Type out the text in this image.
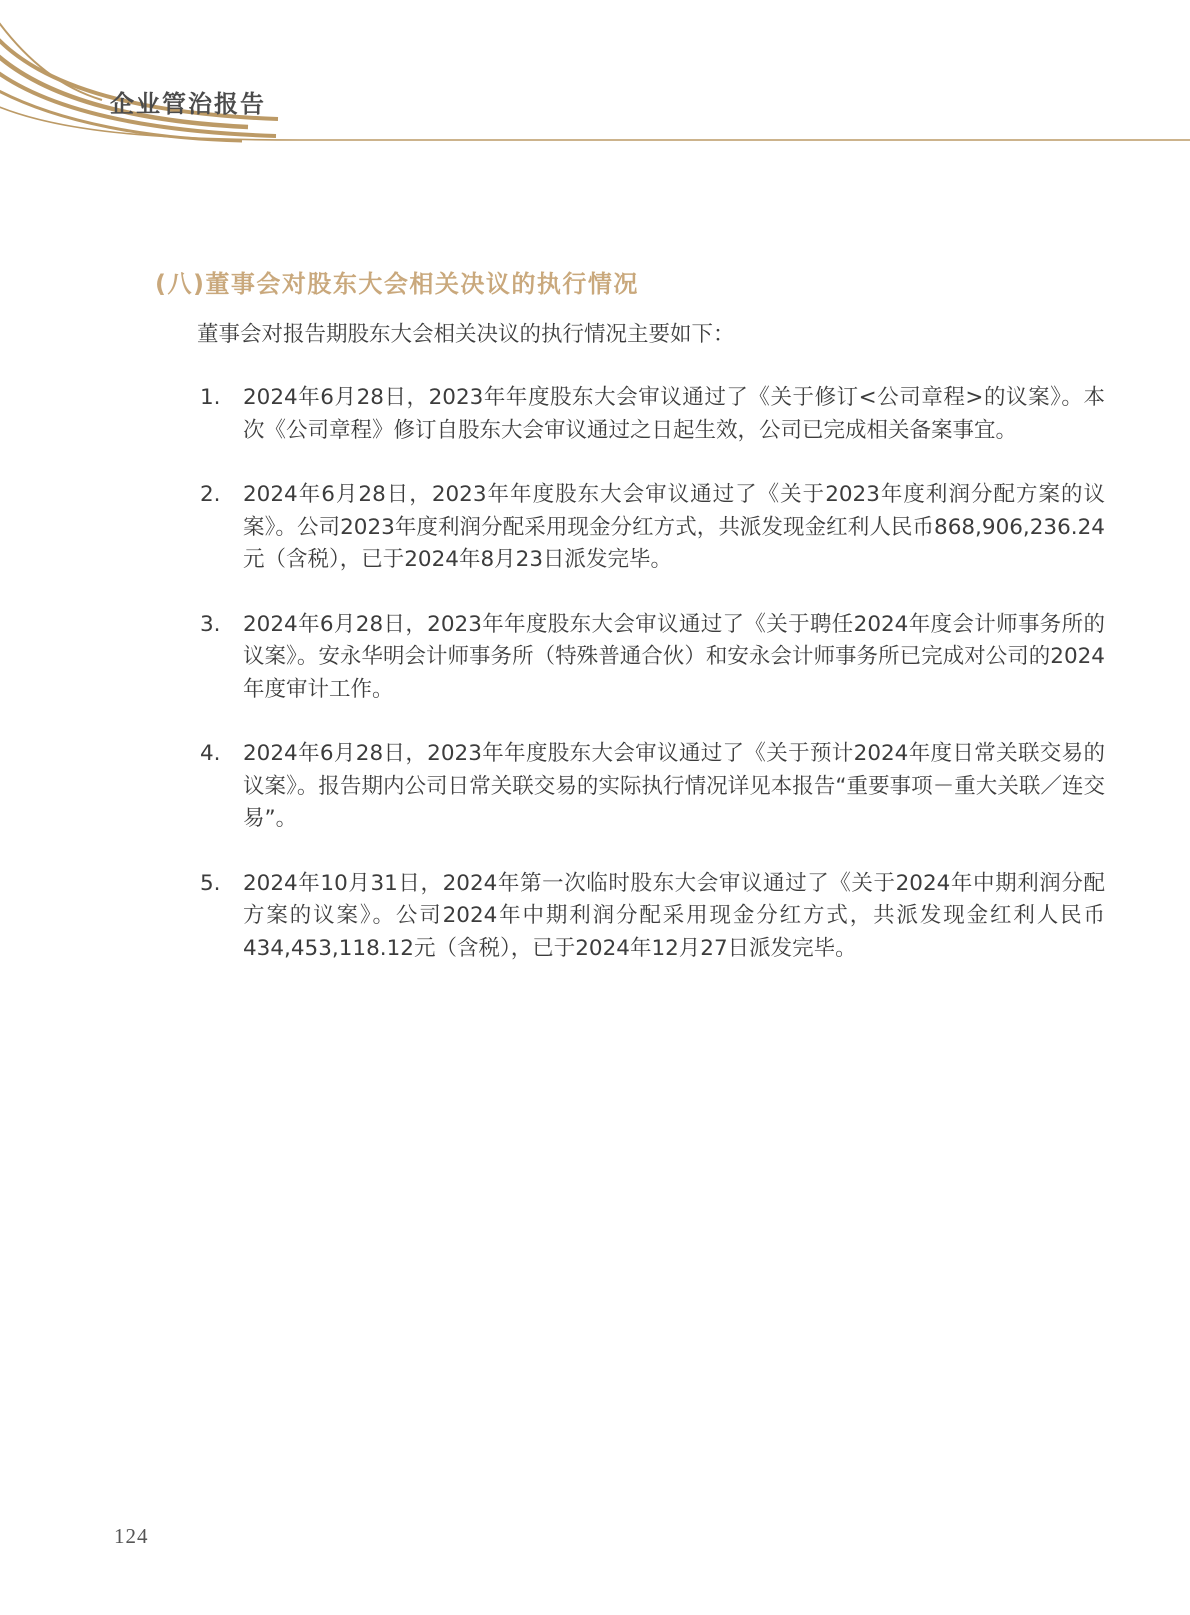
企业管治报告
(八)董事会对股东大会相关决议的执行情况

董事会对报告期股东大会相关决议的执行情况主要如下：

1.	2024年6月28日，2023年年度股东大会审议通过了《关于修订<公司章程>的议案》。本次《公司章程》修订自股东大会审议通过之日起生效，公司已完成相关备案事宜。
2.	2024年6月28日，2023年年度股东大会审议通过了《关于2023年度利润分配方案的议案》。公司2023年度利润分配采用现金分红方式，共派发现金红利人民币868,906,236.24元（含税），已于2024年8月23日派发完毕。
3.	2024年6月28日，2023年年度股东大会审议通过了《关于聘任2024年度会计师事务所的议案》。安永华明会计师事务所（特殊普通合伙）和安永会计师事务所已完成对公司的2024年度审计工作。
4.	2024年6月28日，2023年年度股东大会审议通过了《关于预计2024年度日常关联交易的议案》。报告期内公司日常关联交易的实际执行情况详见本报告“重要事项－重大关联／连交易”。
5.	2024年10月31日，2024年第一次临时股东大会审议通过了《关于2024年中期利润分配方案的议案》。公司2024年中期利润分配采用现金分红方式，共派发现金红利人民币434,453,118.12元（含税），已于2024年12月27日派发完毕。
124
